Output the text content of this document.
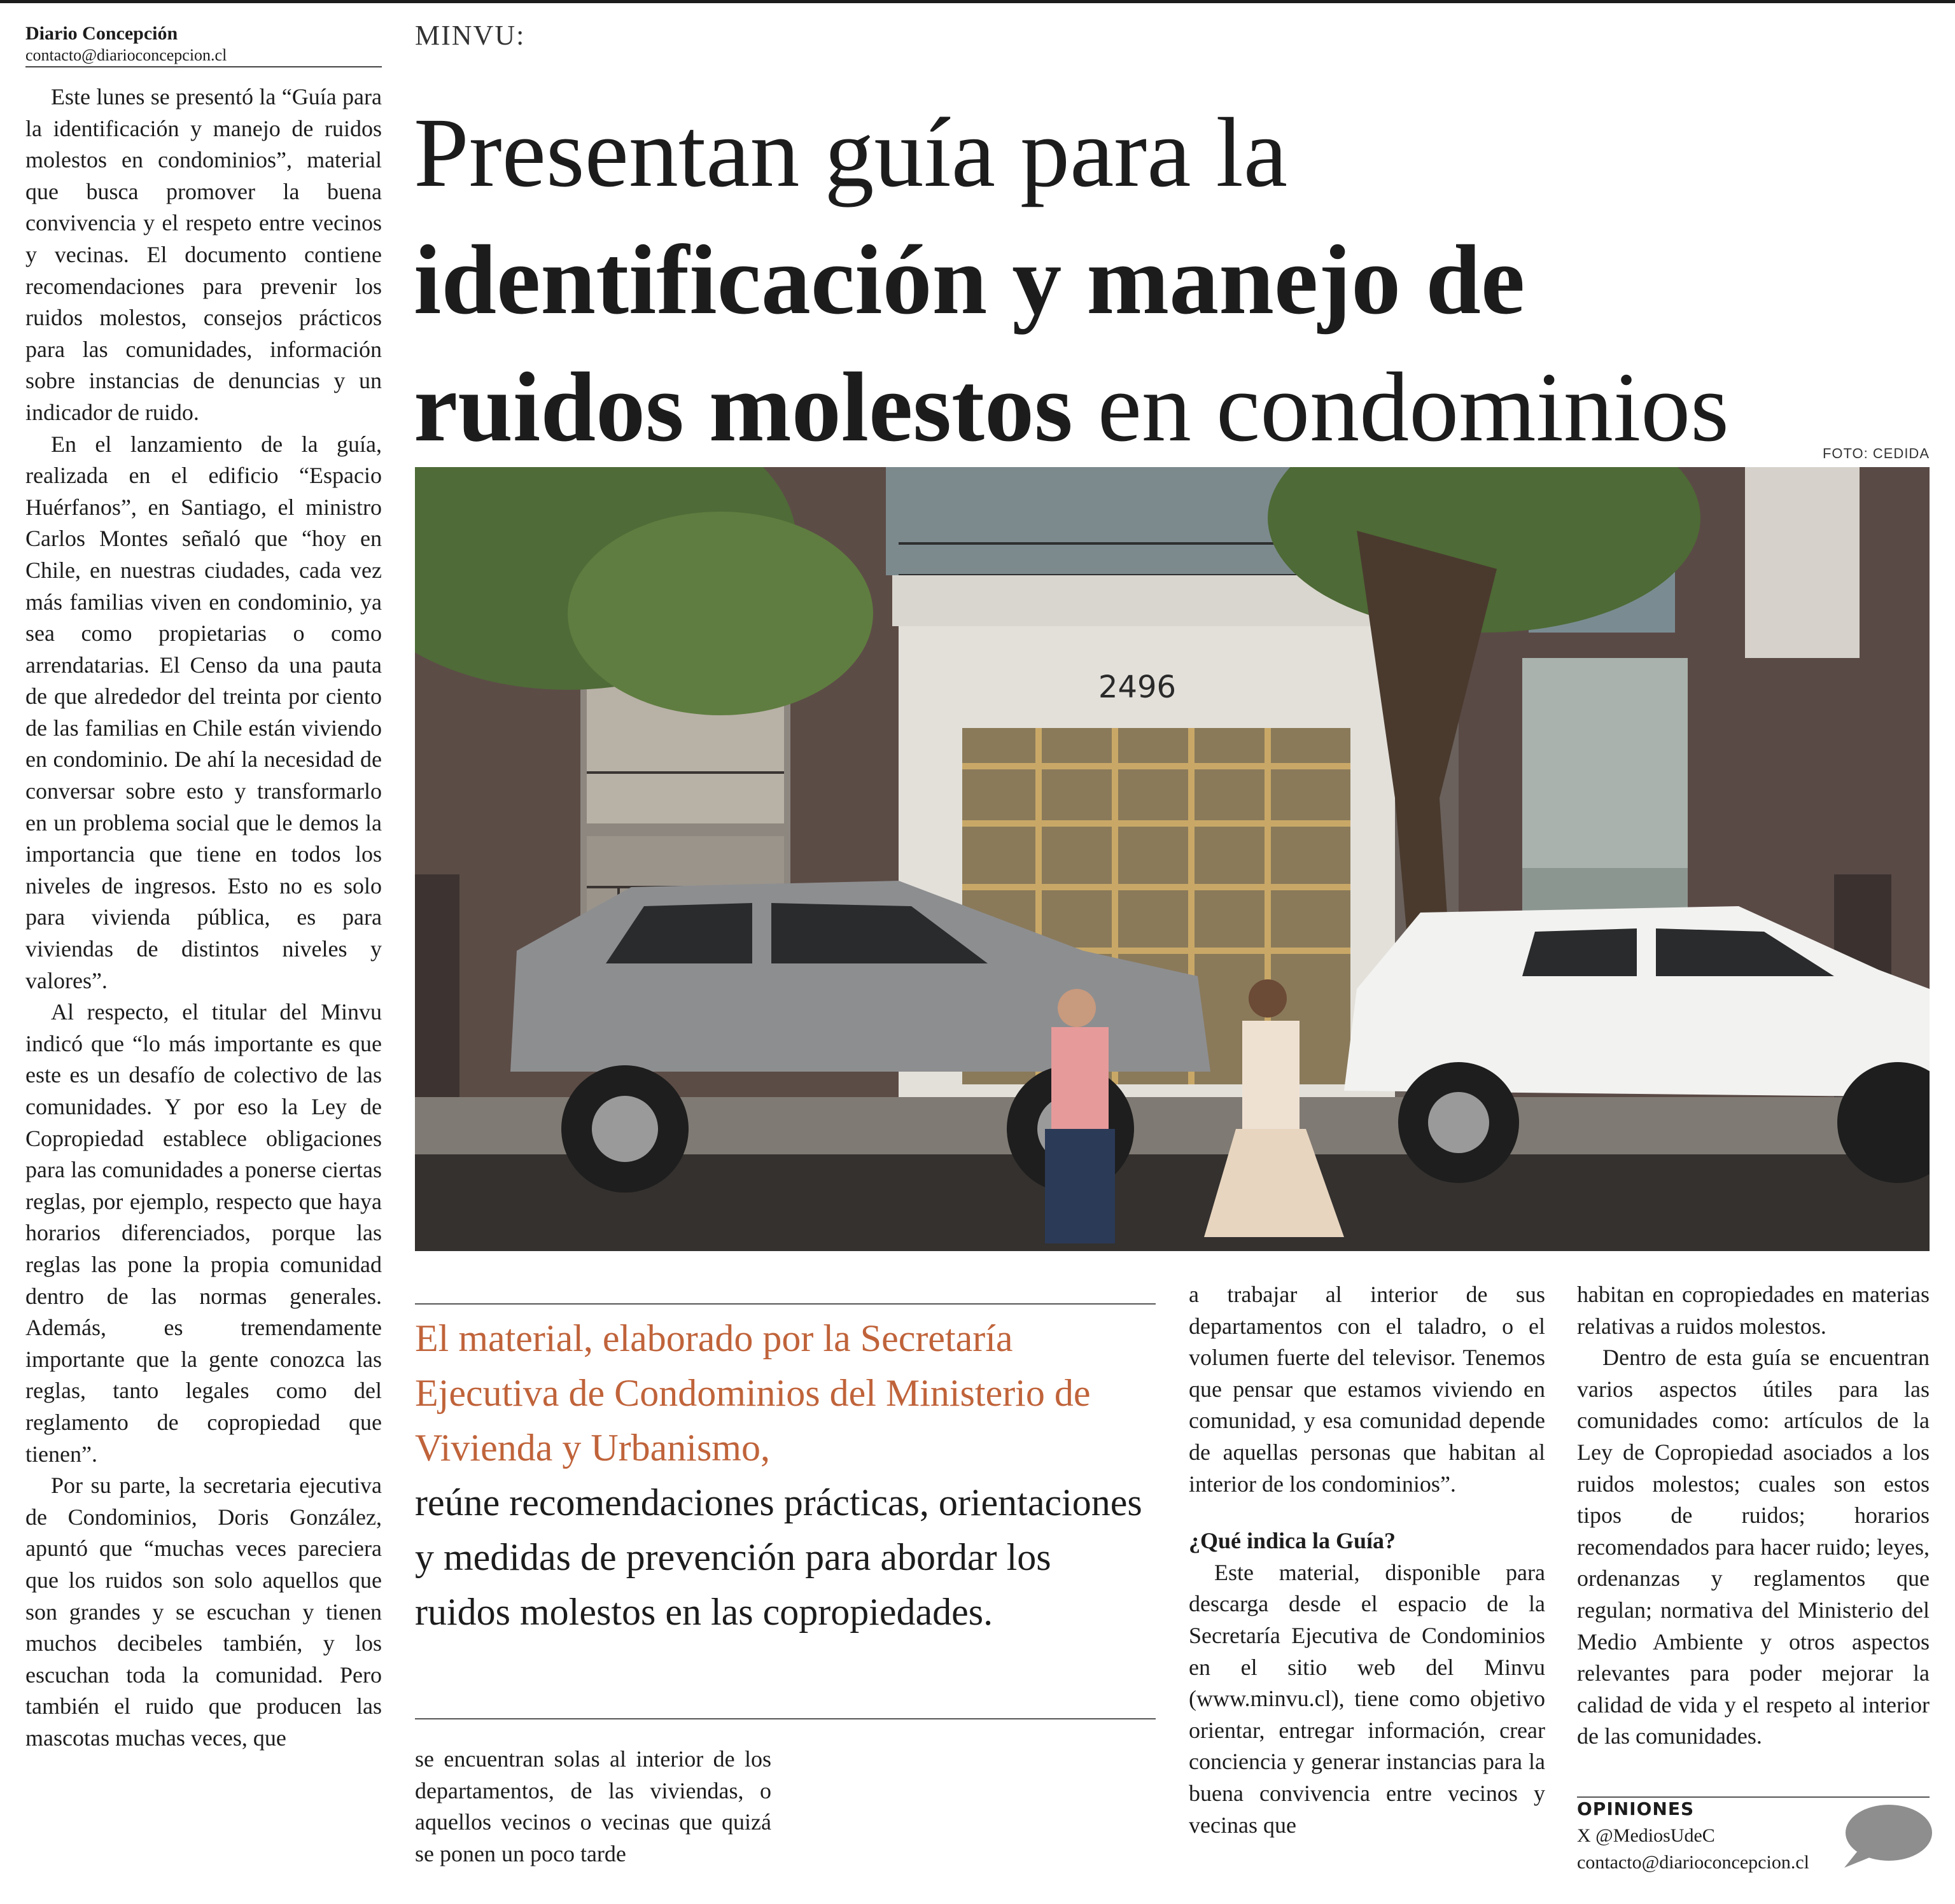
Diario Concepción
contacto@diarioconcepcion.cl

Este lunes se presentó la “Guía para la identificación y manejo de ruidos molestos en condominios”, material que busca promover la buena convivencia y el respeto entre vecinos y vecinas. El documento contiene recomendaciones para prevenir los ruidos molestos, consejos prácticos para las comunidades, información sobre instancias de denuncias y un indicador de ruido.

En el lanzamiento de la guía, realizada en el edificio “Espacio Huérfanos”, en Santiago, el ministro Carlos Montes señaló que “hoy en Chile, en nuestras ciudades, cada vez más familias viven en condominio, ya sea como propietarias o como arrendatarias. El Censo da una pauta de que alrededor del treinta por ciento de las familias en Chile están viviendo en condominio. De ahí la necesidad de conversar sobre esto y transformarlo en un problema social que le demos la importancia que tiene en todos los niveles de ingresos. Esto no es solo para vivienda pública, es para viviendas de distintos niveles y valores”.

Al respecto, el titular del Minvu indicó que “lo más importante es que este es un desafío de colectivo de las comunidades. Y por eso la Ley de Copropiedad establece obligaciones para las comunidades a ponerse ciertas reglas, por ejemplo, respecto que haya horarios diferenciados, porque las reglas las pone la propia comunidad dentro de las normas generales. Además, es tremendamente importante que la gente conozca las reglas, tanto legales como del reglamento de copropiedad que tienen”.

Por su parte, la secretaria ejecutiva de Condominios, Doris González, apuntó que “muchas veces pareciera que los ruidos son solo aquellos que son grandes y se escuchan y tienen muchos decibeles también, y los escuchan toda la comunidad. Pero también el ruido que producen las mascotas muchas veces, que

MINVU:
Presentan guía para la
identificación y manejo de
ruidos molestos en condominios	FOTO: CEDIDA
2496
El material, elaborado por la Secretaría Ejecutiva de Condominios del Ministerio de Vivienda y Urbanismo,
reúne recomendaciones prácticas, orientaciones y medidas de prevención para abordar los ruidos molestos en las copropiedades.

se encuentran solas al interior de los departamentos, de las viviendas, o aquellos vecinos o vecinas que quizá se ponen un poco tarde

a trabajar al interior de sus departamentos con el taladro, o el volumen fuerte del televisor. Tenemos que pensar que estamos viviendo en comunidad, y esa comunidad depende de aquellas personas que habitan al interior de los condominios”.

¿Qué indica la Guía?

Este material, disponible para descarga desde el espacio de la Secretaría Ejecutiva de Condominios en el sitio web del Minvu (www.minvu.cl), tiene como objetivo orientar, entregar información, crear conciencia y generar instancias para la buena convivencia entre vecinos y vecinas que

habitan en copropiedades en materias relativas a ruidos molestos.

Dentro de esta guía se encuentran varios aspectos útiles para las comunidades como: artículos de la Ley de Copropiedad asociados a los ruidos molestos; cuales son estos tipos de ruidos; horarios recomendados para hacer ruido; leyes, ordenanzas y reglamentos que regulan; normativa del Ministerio del Medio Ambiente y otros aspectos relevantes para poder mejorar la calidad de vida y el respeto al interior de las comunidades.

OPINIONES
X @MediosUdeC
contacto@diarioconcepcion.cl
